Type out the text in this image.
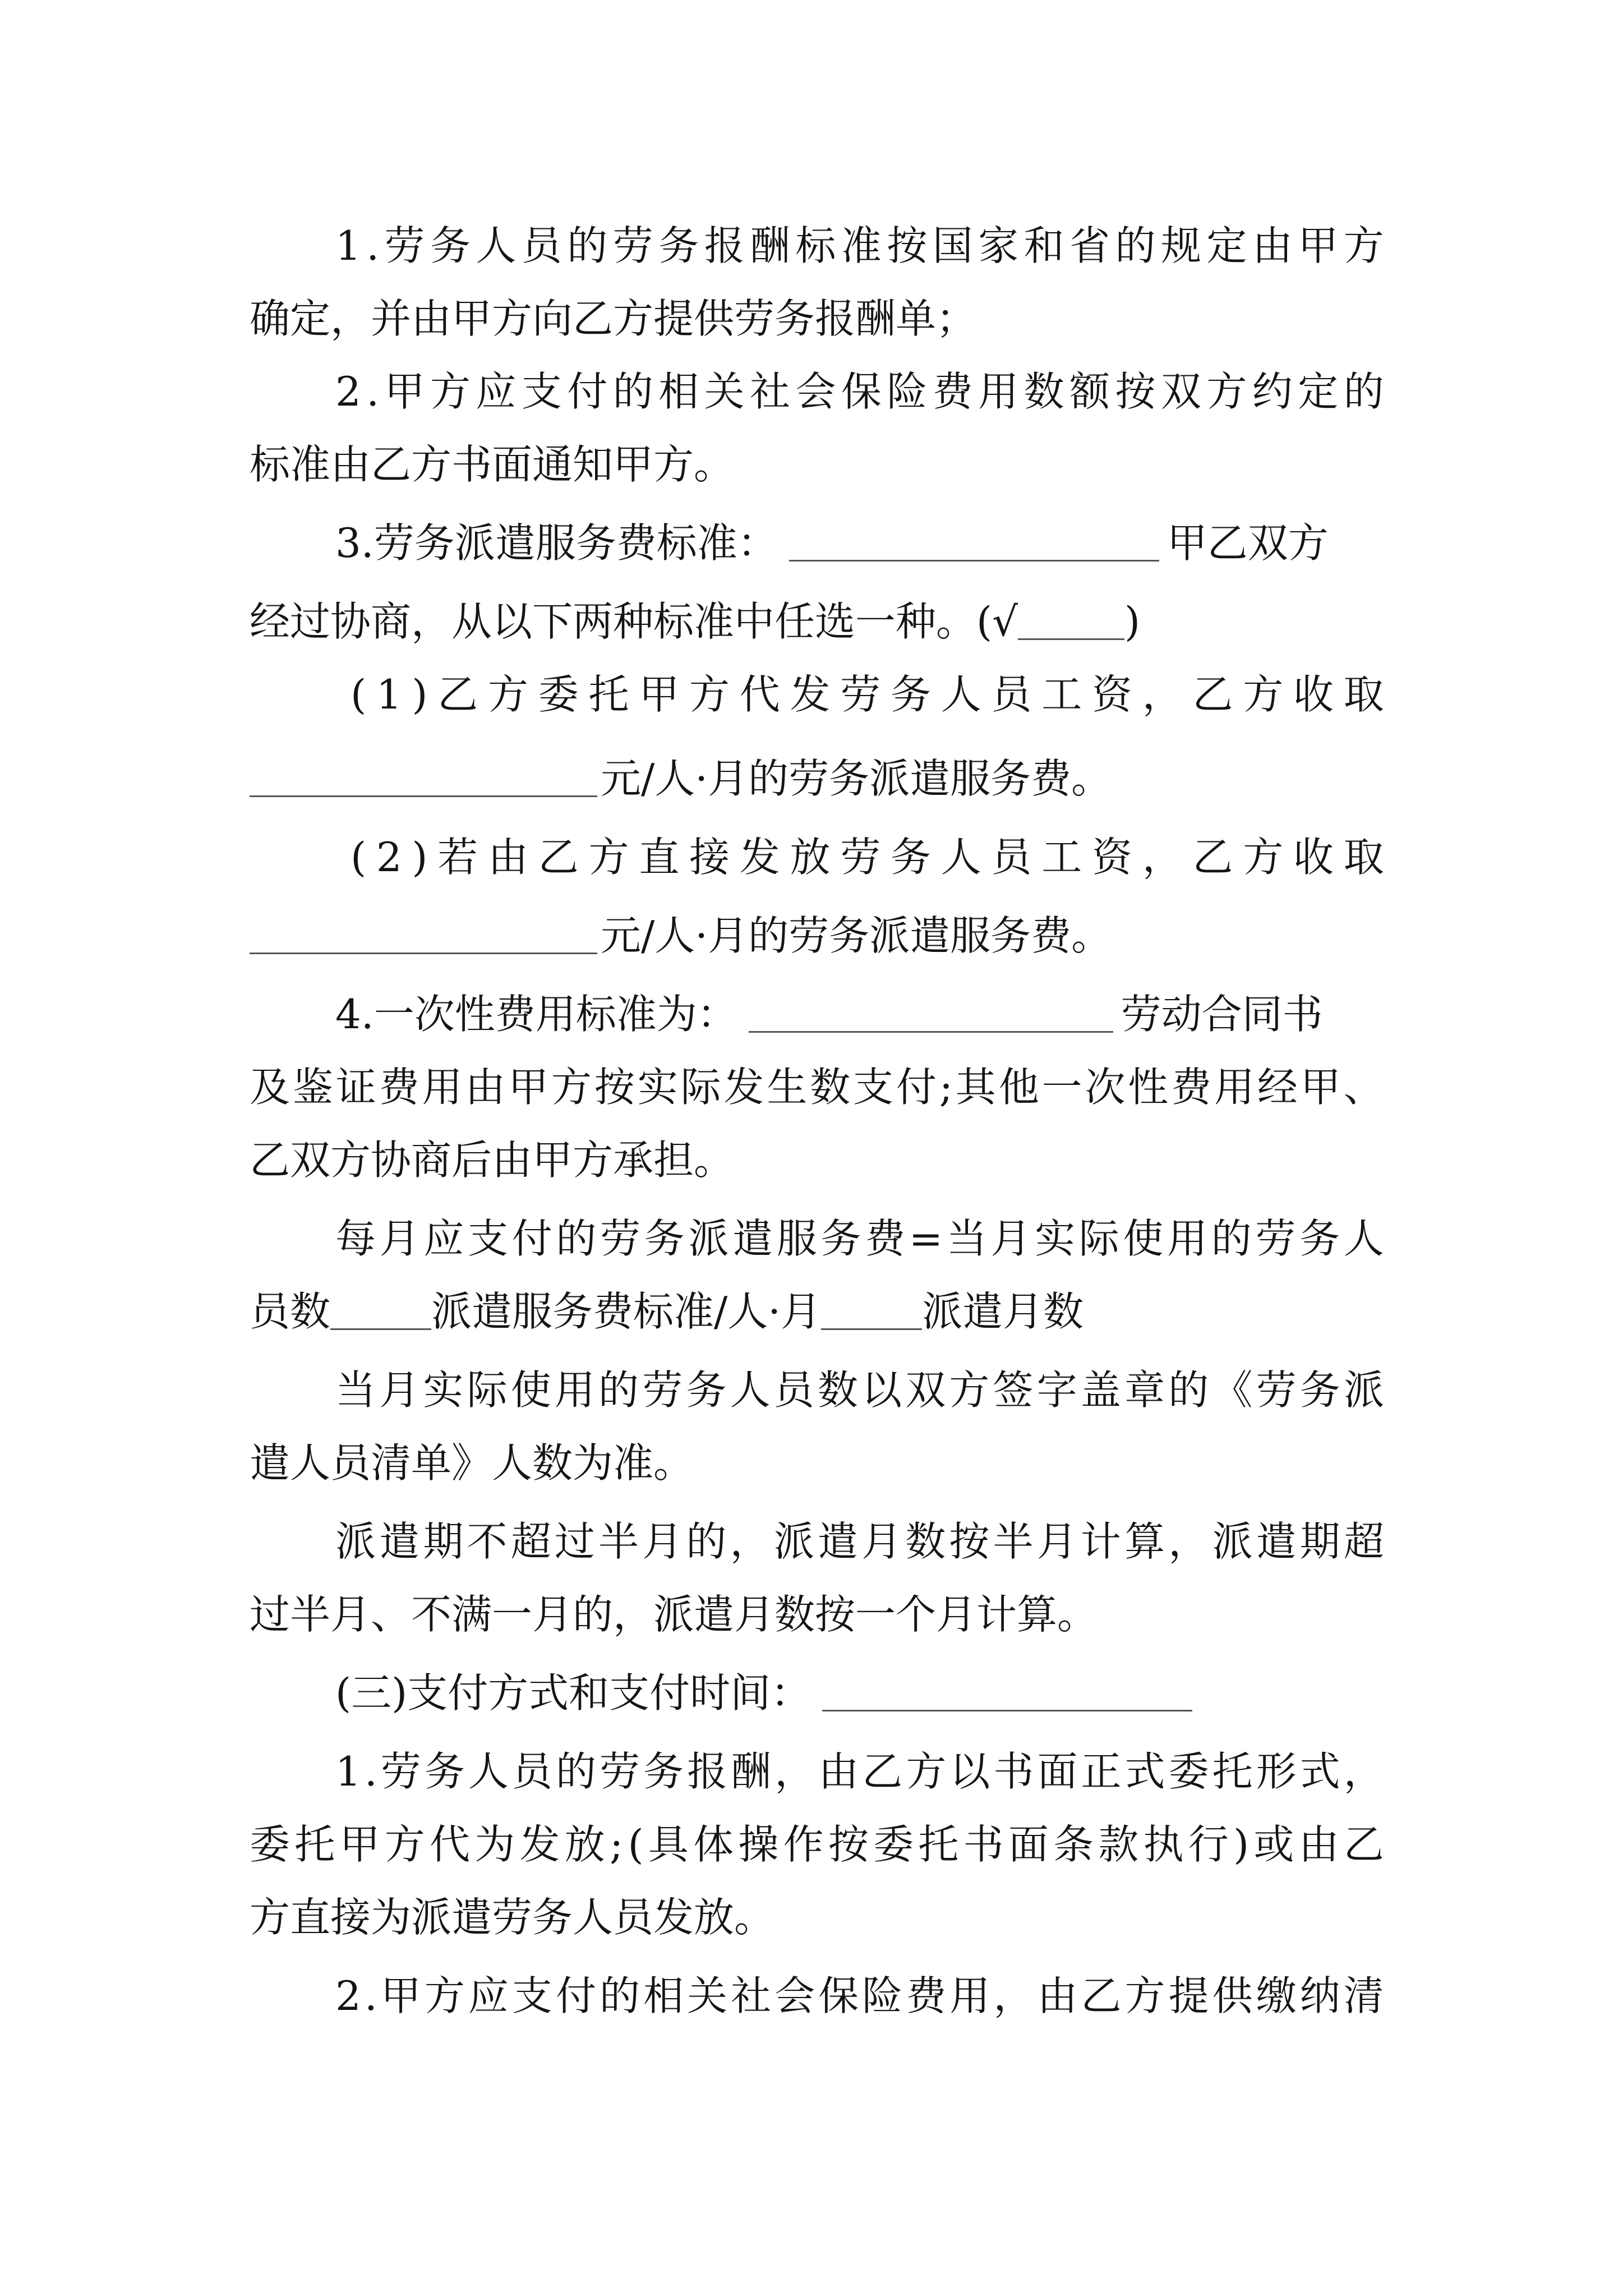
1 . 劳 务 人 员 的 劳 务 报 酬 标 准 按 国 家 和 省 的 规 定 由 甲 方
确定，并由甲方向乙方提供劳务报酬单；
2 . 甲 方 应 支 付 的 相 关 社 会 保 险 费 用 数 额 按 双 方 约 定 的
标准由乙方书面通知甲方。
3.劳务派遣服务费标准：	甲乙双方
经过协商，从以下两种标准中任选一种。(√	)
( 1 ) 乙 方 委 托 甲 方 代 发 劳 务 人 员 工 资 ， 乙 方 收 取
元/人·月的劳务派遣服务费。
( 2 ) 若 由 乙 方 直 接 发 放 劳 务 人 员 工 资 ， 乙 方 收 取
元/人·月的劳务派遣服务费。
4.一次性费用标准为：	劳动合同书
及 鉴 证 费 用 由 甲 方 按 实 际 发 生 数 支 付 ; 其 他 一 次 性 费 用 经 甲 、
乙双方协商后由甲方承担。
每 月 应 支 付 的 劳 务 派 遣 服 务 费 = 当 月 实 际 使 用 的 劳 务 人
员数	派遣服务费标准/人·月	派遣月数
当 月 实 际 使 用 的 劳 务 人 员 数 以 双 方 签 字 盖 章 的 《 劳 务 派
遣人员清单》人数为准。
派 遣 期 不 超 过 半 月 的 ， 派 遣 月 数 按 半 月 计 算 ， 派 遣 期 超
过半月、不满一月的，派遣月数按一个月计算。
(三)支付方式和支付时间：
1 . 劳 务 人 员 的 劳 务 报 酬 ， 由 乙 方 以 书 面 正 式 委 托 形 式 ，
委 托 甲 方 代 为 发 放 ; ( 具 体 操 作 按 委 托 书 面 条 款 执 行 ) 或 由 乙
方直接为派遣劳务人员发放。
2 . 甲 方 应 支 付 的 相 关 社 会 保 险 费 用 ， 由 乙 方 提 供 缴 纳 清
